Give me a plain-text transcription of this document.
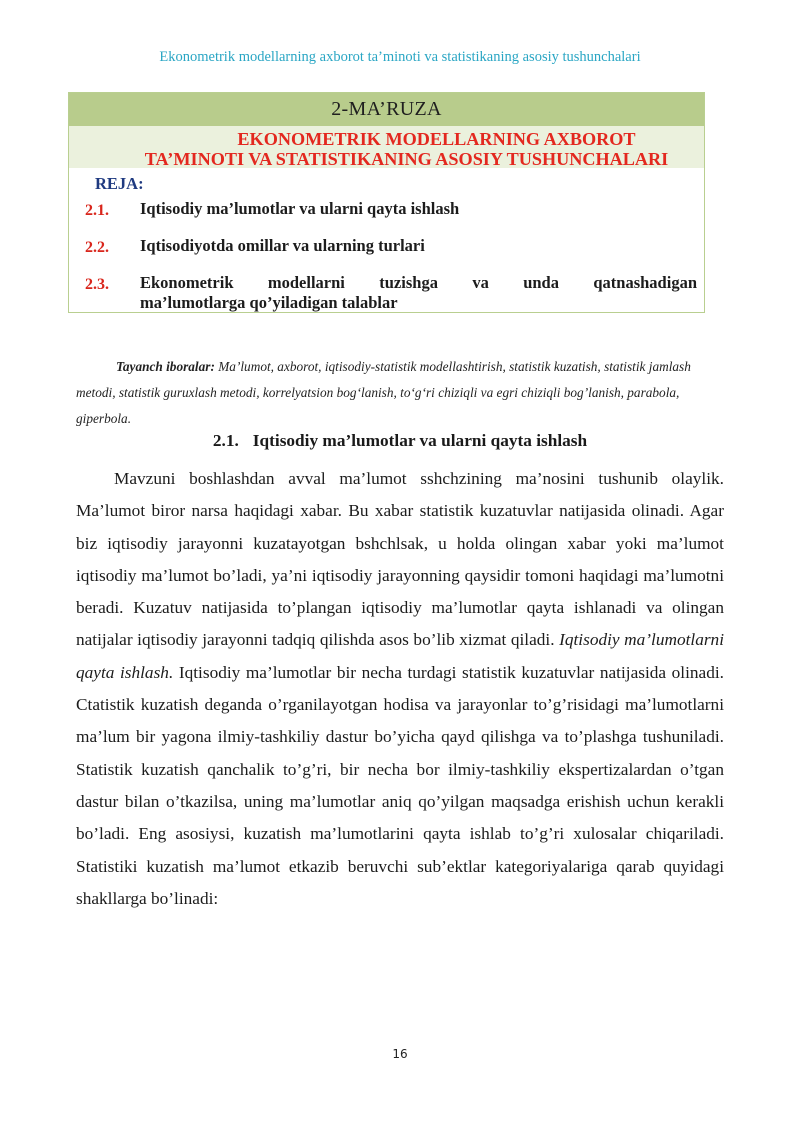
Ekonometrik modellarning axborot ta’minoti va statistikaning asosiy tushunchalari
2-MA’RUZA
EKONOMETRIK MODELLARNING AXBOROT
TA’MINOTI VA STATISTIKANING ASOSIY TUSHUNCHALARI
REJA:
2.1. Iqtisodiy ma’lumotlar va ularni qayta ishlash
2.2. Iqtisodiyotda omillar va ularning turlari
2.3. Ekonometrik modellarni tuzishga va unda qatnashadigan
ma’lumotlarga qo’yiladigan talablar
Tayanch iboralar: Ma’lumot, axborot, iqtisodiy-statistik modellashtirish, statistik kuzatish, statistik jamlash metodi, statistik guruxlash metodi, korrelyatsion bog‘lanish, to‘g‘ri chiziqli va egri chiziqli bog’lanish, parabola, giperbola.
2.1. Iqtisodiy ma’lumotlar va ularni qayta ishlash
Mavzuni boshlashdan avval ma’lumot sshchzining ma’nosini tushunib olaylik. Ma’lumot biror narsa haqidagi xabar. Bu xabar statistik kuzatuvlar natijasida olinadi. Agar biz iqtisodiy jarayonni kuzatayotgan bshchlsak, u holda olingan xabar yoki ma’lumot iqtisodiy ma’lumot bo’ladi, ya’ni iqtisodiy jarayonning qaysidir tomoni haqidagi ma’lumotni beradi. Kuzatuv natijasida to’plangan iqtisodiy ma’lumotlar qayta ishlanadi va olingan natijalar iqtisodiy jarayonni tadqiq qilishda asos bo’lib xizmat qiladi. Iqtisodiy ma’lumotlarni qayta ishlash. Iqtisodiy ma’lumotlar bir necha turdagi statistik kuzatuvlar natijasida olinadi. Ctatistik kuzatish deganda o’rganilayotgan hodisa va jarayonlar to’g’risidagi ma’lumotlarni ma’lum bir yagona ilmiy-tashkiliy dastur bo’yicha qayd qilishga va to’plashga tushuniladi. Statistik kuzatish qanchalik to’g’ri, bir necha bor ilmiy-tashkiliy ekspertizalardan o’tgan dastur bilan o’tkazilsa, uning ma’lumotlar aniq qo’yilgan maqsadga erishish uchun kerakli bo’ladi. Eng asosiysi, kuzatish ma’lumotlarini qayta ishlab to’g’ri xulosalar chiqariladi. Statistiki kuzatish ma’lumot etkazib beruvchi sub’ektlar kategoriyalariga qarab quyidagi shakllarga bo’linadi:
16
